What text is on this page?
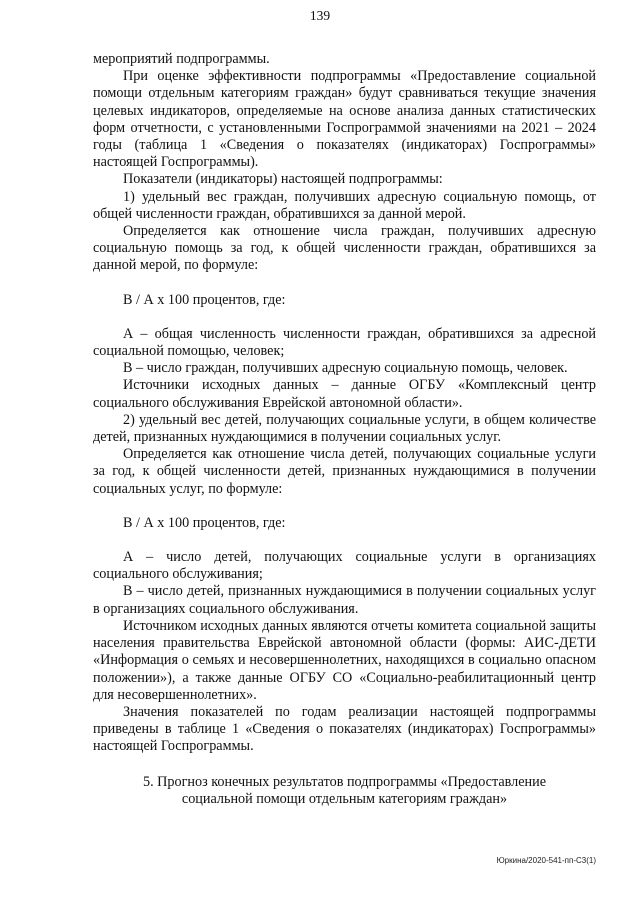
139

мероприятий подпрограммы.

При оценке эффективности подпрограммы «Предоставление социальной помощи отдельным категориям граждан» будут сравниваться текущие значения целевых индикаторов, определяемые на основе анализа данных статистических форм отчетности, с установленными Госпрограммой значениями на 2021 – 2024 годы (таблица 1 «Сведения о показателях (индикаторах) Госпрограммы» настоящей Госпрограммы).

Показатели (индикаторы) настоящей подпрограммы:

1) удельный вес граждан, получивших адресную социальную помощь, от общей численности граждан, обратившихся за данной мерой.

Определяется как отношение числа граждан, получивших адресную социальную помощь за год, к общей численности граждан, обратившихся за данной мерой, по формуле:

В / А х 100 процентов, где:

А – общая численность численности граждан, обратившихся за адресной социальной помощью, человек;

В – число граждан, получивших адресную социальную помощь, человек.

Источники исходных данных – данные ОГБУ «Комплексный центр социального обслуживания Еврейской автономной области».

2) удельный вес детей, получающих социальные услуги, в общем количестве детей, признанных нуждающимися в получении социальных услуг.

Определяется как отношение числа детей, получающих социальные услуги за год, к общей численности детей, признанных нуждающимися в получении социальных услуг, по формуле:

В / А х 100 процентов, где:

А – число детей, получающих социальные услуги в организациях социального обслуживания;

В – число детей, признанных нуждающимися в получении социальных услуг в организациях социального обслуживания.

Источником исходных данных являются отчеты комитета социальной защиты населения правительства Еврейской автономной области (формы: АИС-ДЕТИ «Информация о семьях и несовершеннолетних, находящихся в социально опасном положении»), а также данные ОГБУ СО «Социально-реабилитационный центр для несовершеннолетних».

Значения показателей по годам реализации настоящей подпрограммы приведены в таблице 1 «Сведения о показателях (индикаторах) Госпрограммы» настоящей Госпрограммы.

5. Прогноз конечных результатов подпрограммы «Предоставление социальной помощи отдельным категориям граждан»

Юркина/2020-541-пп-С3(1)
